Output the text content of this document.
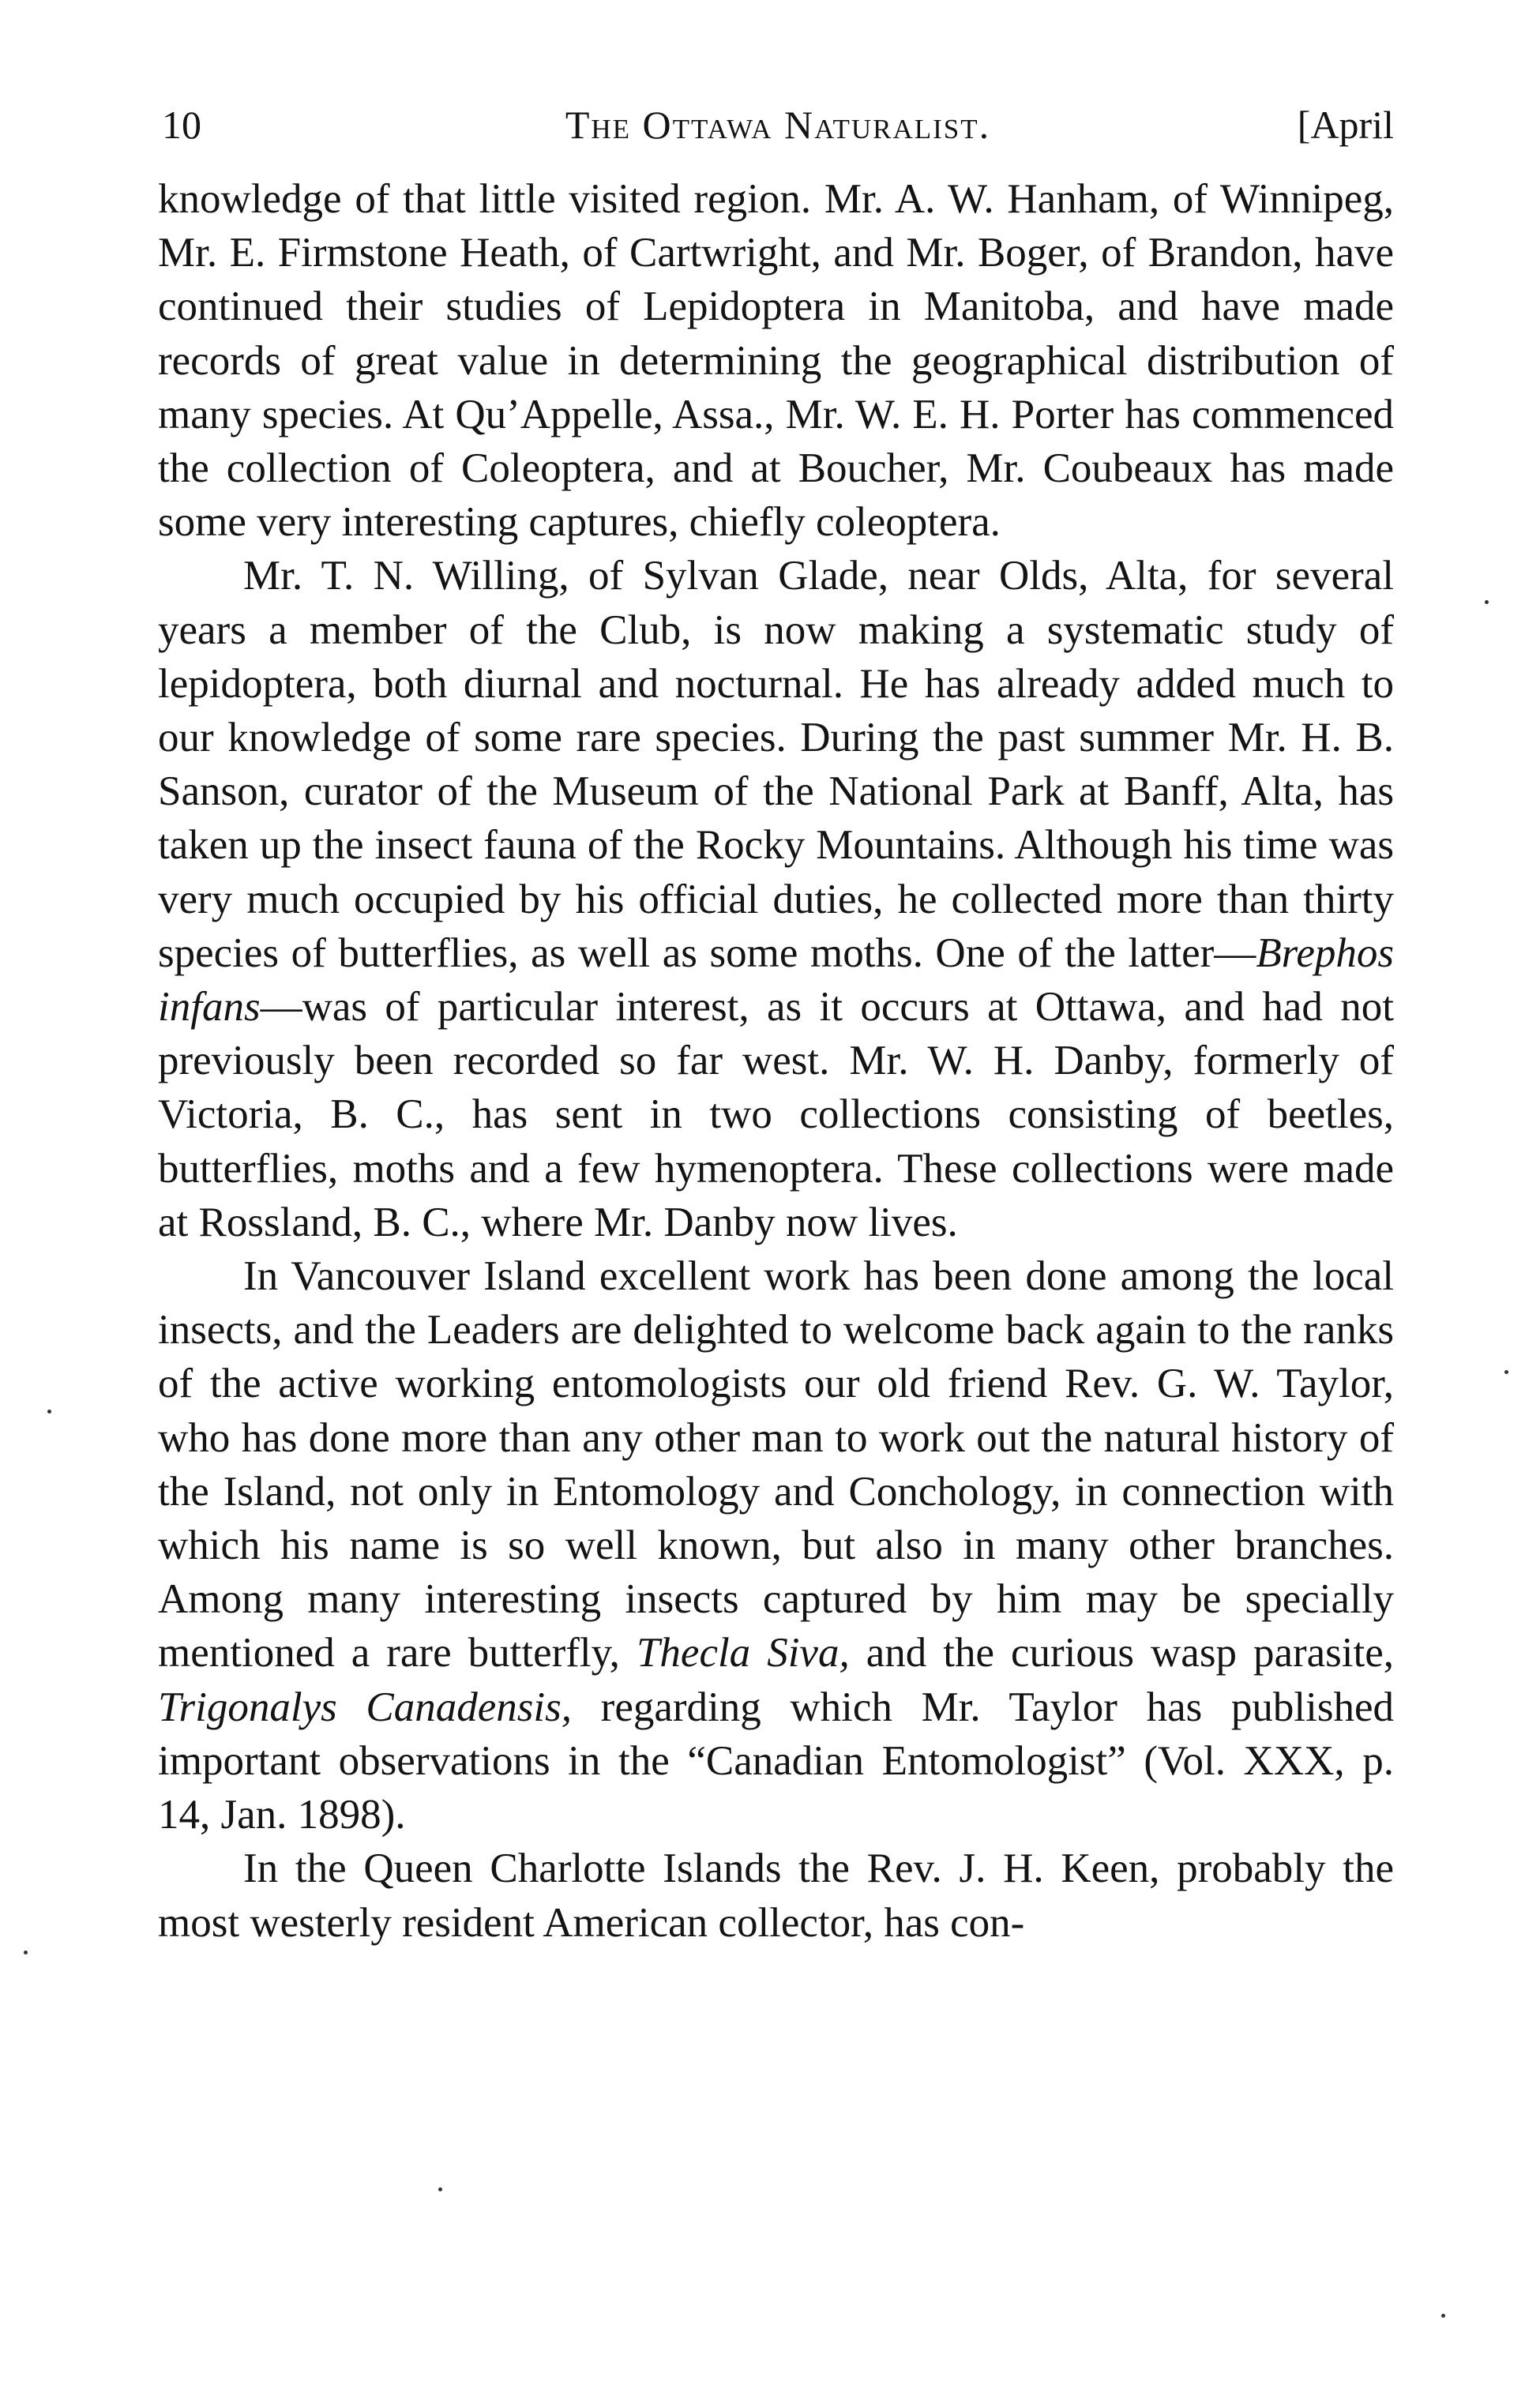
10	The Ottawa Naturalist.	[April

knowledge of that little visited region. Mr. A. W. Hanham, of Winnipeg, Mr. E. Firmstone Heath, of Cartwright, and Mr. Boger, of Brandon, have continued their studies of Lepidoptera in Manitoba, and have made records of great value in determining the geographical distribution of many species. At Qu’Appelle, Assa., Mr. W. E. H. Porter has commenced the collection of Coleoptera, and at Boucher, Mr. Coubeaux has made some very interesting captures, chiefly coleoptera.

Mr. T. N. Willing, of Sylvan Glade, near Olds, Alta, for several years a member of the Club, is now making a systematic study of lepidoptera, both diurnal and nocturnal. He has already added much to our knowledge of some rare species. During the past summer Mr. H. B. Sanson, curator of the Museum of the National Park at Banff, Alta, has taken up the insect fauna of the Rocky Mountains. Although his time was very much occupied by his official duties, he collected more than thirty species of butterflies, as well as some moths. One of the latter—Brephos infans—was of particular interest, as it occurs at Ottawa, and had not previously been recorded so far west. Mr. W. H. Danby, formerly of Victoria, B. C., has sent in two collections consisting of beetles, butterflies, moths and a few hymenoptera. These collections were made at Rossland, B. C., where Mr. Danby now lives.

In Vancouver Island excellent work has been done among the local insects, and the Leaders are delighted to welcome back again to the ranks of the active working entomologists our old friend Rev. G. W. Taylor, who has done more than any other man to work out the natural history of the Island, not only in Entomology and Conchology, in connection with which his name is so well known, but also in many other branches. Among many interesting insects captured by him may be specially mentioned a rare butterfly, Thecla Siva, and the curious wasp parasite, Trigonalys Canadensis, regarding which Mr. Taylor has published important observations in the “Canadian Entomologist” (Vol. XXX, p. 14, Jan. 1898).

In the Queen Charlotte Islands the Rev. J. H. Keen, probably the most westerly resident American collector, has con-
